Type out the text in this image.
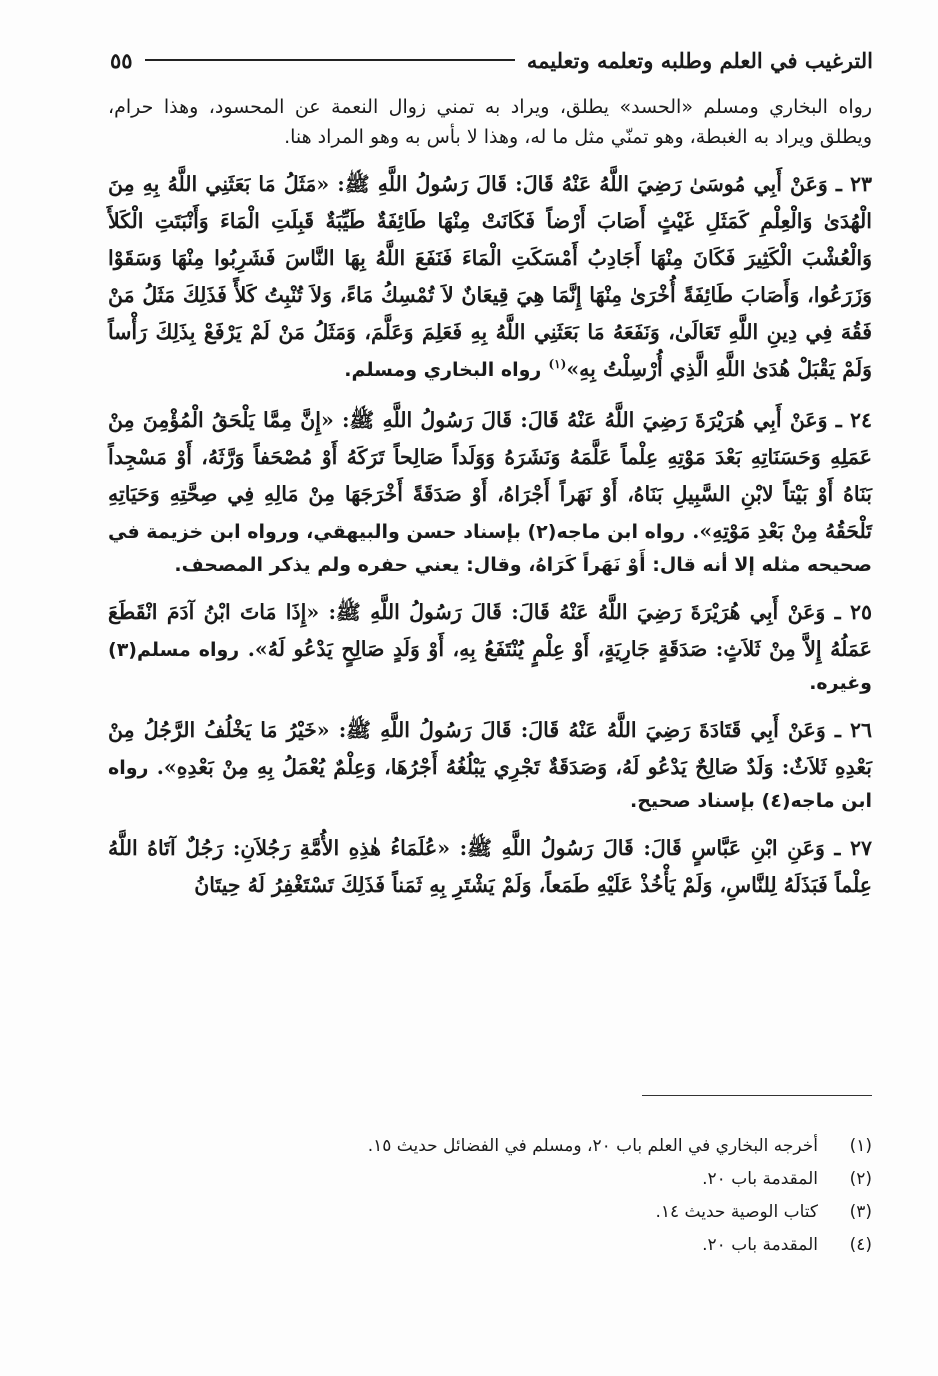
الترغيب في العلم وطلبه وتعلمه وتعليمه
٥٥

رواه البخاري ومسلم «الحسد» يطلق، ويراد به تمني زوال النعمة عن المحسود، وهذا حرام، ويطلق ويراد به الغبطة، وهو تمنّي مثل ما له، وهذا لا بأس به وهو المراد هنا.

٢٣ ـ وَعَنْ أَبِي مُوسَىٰ رَضِيَ اللَّهُ عَنْهُ قَالَ: قَالَ رَسُولُ اللَّهِ ﷺ: «مَثَلُ مَا بَعَثَنِي اللَّهُ بِهِ مِنَ الْهُدَىٰ وَالْعِلْمِ كَمَثَلِ غَيْثٍ أَصَابَ أَرْضاً فَكَانَتْ مِنْهَا طَائِفَةٌ طَيِّبَةٌ قَبِلَتِ الْمَاءَ وَأَنْبَتَتِ الْكَلأَ وَالْعُشْبَ الْكَثِيرَ فَكَانَ مِنْهَا أَجَادِبُ أَمْسَكَتِ الْمَاءَ فَنَفَعَ اللَّهُ بِهَا النَّاسَ فَشَرِبُوا مِنْهَا وَسَقَوْا وَزَرَعُوا، وَأَصَابَ طَائِفَةً أُخْرَىٰ مِنْهَا إِنَّمَا هِيَ قِيعَانٌ لاَ تُمْسِكُ مَاءً، وَلاَ تُنْبِتُ كَلأً فَذَلِكَ مَثَلُ مَنْ فَقُهَ فِي دِينِ اللَّهِ تَعَالَىٰ، وَنَفَعَهُ مَا بَعَثَنِي اللَّهُ بِهِ فَعَلِمَ وَعَلَّمَ، وَمَثَلُ مَنْ لَمْ يَرْفَعْ بِذَلِكَ رَأْساً وَلَمْ يَقْبَلْ هُدَىٰ اللَّهِ الَّذِي أُرْسِلْتُ بِهِ»$^{(١)}$ رواه البخاري ومسلم.

٢٤ ـ وَعَنْ أَبِي هُرَيْرَةَ رَضِيَ اللَّهُ عَنْهُ قَالَ: قَالَ رَسُولُ اللَّهِ ﷺ: «إِنَّ مِمَّا يَلْحَقُ الْمُؤْمِنَ مِنْ عَمَلِهِ وَحَسَنَاتِهِ بَعْدَ مَوْتِهِ عِلْماً عَلَّمَهُ وَنَشَرَهُ وَوَلَداً صَالِحاً تَرَكَهُ أَوْ مُصْحَفاً وَرَّثَهُ، أَوْ مَسْجِداً بَنَاهُ أَوْ بَيْتاً لابْنِ السَّبِيلِ بَنَاهُ، أَوْ نَهَراً أَجْرَاهُ، أَوْ صَدَقَةً أَخْرَجَهَا مِنْ مَالِهِ فِي صِحَّتِهِ وَحَيَاتِهِ تَلْحَقُهُ مِنْ بَعْدِ مَوْتِهِ». رواه ابن ماجه(٢) بإسناد حسن والبيهقي، ورواه ابن خزيمة في صحيحه مثله إلا أنه قال: أَوْ نَهَراً كَرَاهُ، وقال: يعني حفره ولم يذكر المصحف.

٢٥ ـ وَعَنْ أَبِي هُرَيْرَةَ رَضِيَ اللَّهُ عَنْهُ قَالَ: قَالَ رَسُولُ اللَّهِ ﷺ: «إِذَا مَاتَ ابْنُ آدَمَ انْقَطَعَ عَمَلُهُ إِلاَّ مِنْ ثَلاَثٍ: صَدَقَةٍ جَارِيَةٍ، أَوْ عِلْمٍ يُنْتَفَعُ بِهِ، أَوْ وَلَدٍ صَالِحٍ يَدْعُو لَهُ». رواه مسلم(٣) وغيره.

٢٦ ـ وَعَنْ أَبِي قَتَادَةَ رَضِيَ اللَّهُ عَنْهُ قَالَ: قَالَ رَسُولُ اللَّهِ ﷺ: «خَيْرُ مَا يَخْلُفُ الرَّجُلُ مِنْ بَعْدِهِ ثَلاَثٌ: وَلَدٌ صَالِحٌ يَدْعُو لَهُ، وَصَدَقَةٌ تَجْرِي يَبْلُغُهُ أَجْرُهَا، وَعِلْمٌ يُعْمَلُ بِهِ مِنْ بَعْدِهِ». رواه ابن ماجه(٤) بإسناد صحيح.

٢٧ ـ وَعَنِ ابْنِ عَبَّاسٍ قَالَ: قَالَ رَسُولُ اللَّهِ ﷺ: «عُلَمَاءُ هٰذِهِ الأُمَّةِ رَجُلاَنِ: رَجُلٌ آتَاهُ اللَّهُ عِلْماً فَبَذَلَهُ لِلنَّاسِ، وَلَمْ يَأْخُذْ عَلَيْهِ طَمَعاً، وَلَمْ يَشْتَرِ بِهِ ثَمَناً فَذَلِكَ تَسْتَغْفِرُ لَهُ حِيتَانُ

(١)
أخرجه البخاري في العلم باب ٢٠، ومسلم في الفضائل حديث ١٥.
(٢)
المقدمة باب ٢٠.
(٣)
كتاب الوصية حديث ١٤.
(٤)
المقدمة باب ٢٠.
